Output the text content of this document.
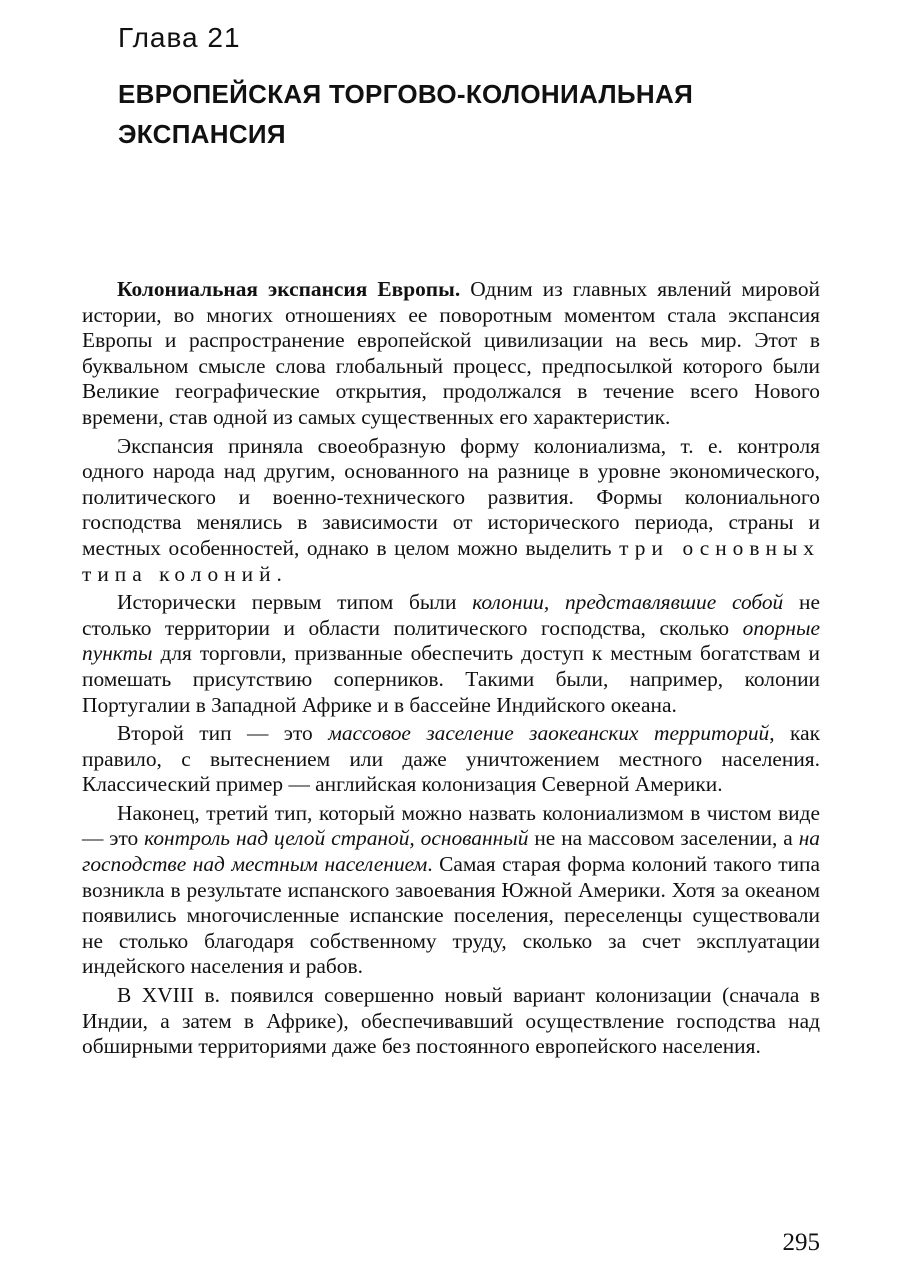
Глава 21
ЕВРОПЕЙСКАЯ ТОРГОВО-КОЛОНИАЛЬНАЯ ЭКСПАНСИЯ

Колониальная экспансия Европы. Одним из главных явлений мировой истории, во многих отношениях ее поворотным моментом стала экспансия Европы и распространение европейской цивилизации на весь мир. Этот в буквальном смысле слова глобальный процесс, предпосылкой которого были Великие географические открытия, продолжался в течение всего Нового времени, став одной из самых существенных его характеристик.

Экспансия приняла своеобразную форму колониализма, т. е. контроля одного народа над другим, основанного на разнице в уровне экономического, политического и военно-технического развития. Формы колониального господства менялись в зависимости от исторического периода, страны и местных особенностей, однако в целом можно выделить три основных типа колоний.

Исторически первым типом были колонии, представлявшие собой не столько территории и области политического господства, сколько опорные пункты для торговли, призванные обеспечить доступ к местным богатствам и помешать присутствию соперников. Такими были, например, колонии Португалии в Западной Африке и в бассейне Индийского океана.

Второй тип — это массовое заселение заокеанских территорий, как правило, с вытеснением или даже уничтожением местного населения. Классический пример — английская колонизация Северной Америки.

Наконец, третий тип, который можно назвать колониализмом в чистом виде — это контроль над целой страной, основанный не на массовом заселении, а на господстве над местным населением. Самая старая форма колоний такого типа возникла в результате испанского завоевания Южной Америки. Хотя за океаном появились многочисленные испанские поселения, переселенцы существовали не столько благодаря собственному труду, сколько за счет эксплуатации индейского населения и рабов.

В XVIII в. появился совершенно новый вариант колонизации (сначала в Индии, а затем в Африке), обеспечивавший осуществление господства над обширными территориями даже без постоянного европейского населения.

295
